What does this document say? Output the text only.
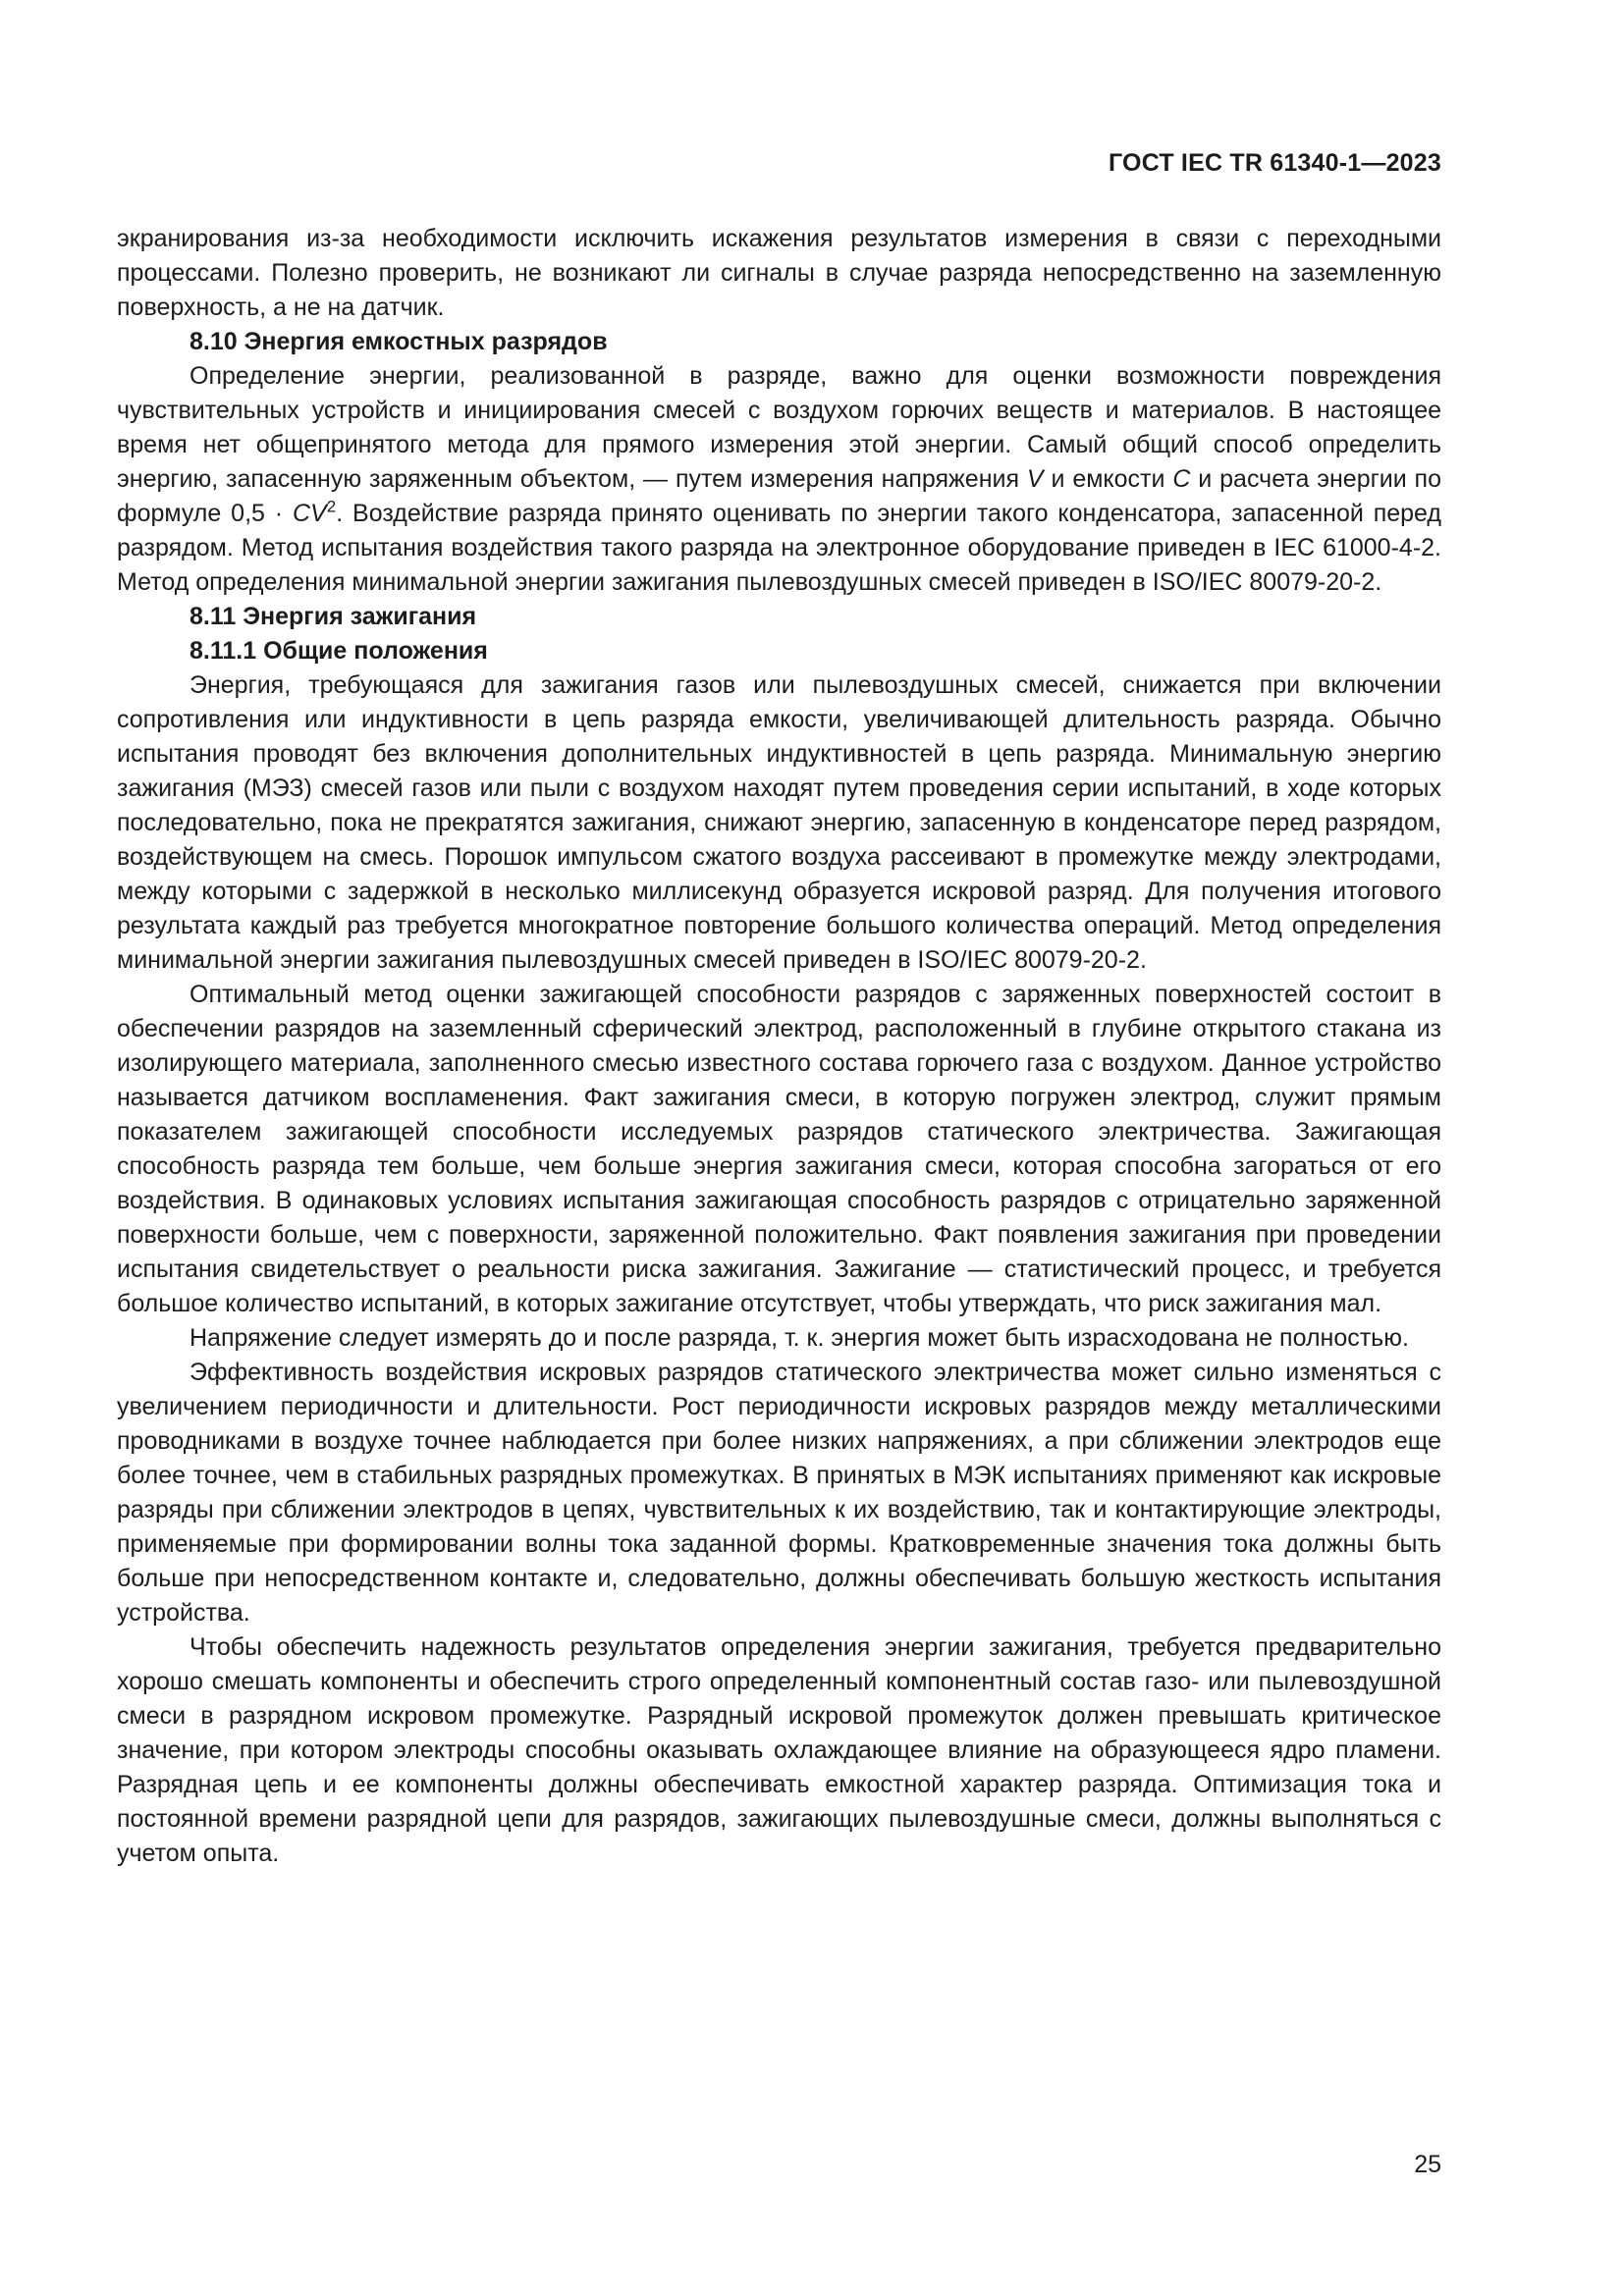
ГОСТ IEC TR 61340-1—2023

экранирования из-за необходимости исключить искажения результатов измерения в связи с переходными процессами. Полезно проверить, не возникают ли сигналы в случае разряда непосредственно на заземленную поверхность, а не на датчик.

8.10 Энергия емкостных разрядов

Определение энергии, реализованной в разряде, важно для оценки возможности повреждения чувствительных устройств и инициирования смесей с воздухом горючих веществ и материалов. В настоящее время нет общепринятого метода для прямого измерения этой энергии. Самый общий способ определить энергию, запасенную заряженным объектом, — путем измерения напряжения V и емкости C и расчета энергии по формуле $0,5 \cdot CV^2$. Воздействие разряда принято оценивать по энергии такого конденсатора, запасенной перед разрядом. Метод испытания воздействия такого разряда на электронное оборудование приведен в IEC 61000-4-2. Метод определения минимальной энергии зажигания пылевоздушных смесей приведен в ISO/IEC 80079-20-2.

8.11 Энергия зажигания

8.11.1 Общие положения

Энергия, требующаяся для зажигания газов или пылевоздушных смесей, снижается при включении сопротивления или индуктивности в цепь разряда емкости, увеличивающей длительность разряда. Обычно испытания проводят без включения дополнительных индуктивностей в цепь разряда. Минимальную энергию зажигания (МЭЗ) смесей газов или пыли с воздухом находят путем проведения серии испытаний, в ходе которых последовательно, пока не прекратятся зажигания, снижают энергию, запасенную в конденсаторе перед разрядом, воздействующем на смесь. Порошок импульсом сжатого воздуха рассеивают в промежутке между электродами, между которыми с задержкой в несколько миллисекунд образуется искровой разряд. Для получения итогового результата каждый раз требуется многократное повторение большого количества операций. Метод определения минимальной энергии зажигания пылевоздушных смесей приведен в ISO/IEC 80079-20-2.

Оптимальный метод оценки зажигающей способности разрядов с заряженных поверхностей состоит в обеспечении разрядов на заземленный сферический электрод, расположенный в глубине открытого стакана из изолирующего материала, заполненного смесью известного состава горючего газа с воздухом. Данное устройство называется датчиком воспламенения. Факт зажигания смеси, в которую погружен электрод, служит прямым показателем зажигающей способности исследуемых разрядов статического электричества. Зажигающая способность разряда тем больше, чем больше энергия зажигания смеси, которая способна загораться от его воздействия. В одинаковых условиях испытания зажигающая способность разрядов с отрицательно заряженной поверхности больше, чем с поверхности, заряженной положительно. Факт появления зажигания при проведении испытания свидетельствует о реальности риска зажигания. Зажигание — статистический процесс, и требуется большое количество испытаний, в которых зажигание отсутствует, чтобы утверждать, что риск зажигания мал.

Напряжение следует измерять до и после разряда, т. к. энергия может быть израсходована не полностью.

Эффективность воздействия искровых разрядов статического электричества может сильно изменяться с увеличением периодичности и длительности. Рост периодичности искровых разрядов между металлическими проводниками в воздухе точнее наблюдается при более низких напряжениях, а при сближении электродов еще более точнее, чем в стабильных разрядных промежутках. В принятых в МЭК испытаниях применяют как искровые разряды при сближении электродов в цепях, чувствительных к их воздействию, так и контактирующие электроды, применяемые при формировании волны тока заданной формы. Кратковременные значения тока должны быть больше при непосредственном контакте и, следовательно, должны обеспечивать большую жесткость испытания устройства.

Чтобы обеспечить надежность результатов определения энергии зажигания, требуется предварительно хорошо смешать компоненты и обеспечить строго определенный компонентный состав газо- или пылевоздушной смеси в разрядном искровом промежутке. Разрядный искровой промежуток должен превышать критическое значение, при котором электроды способны оказывать охлаждающее влияние на образующееся ядро пламени. Разрядная цепь и ее компоненты должны обеспечивать емкостной характер разряда. Оптимизация тока и постоянной времени разрядной цепи для разрядов, зажигающих пылевоздушные смеси, должны выполняться с учетом опыта.

25
